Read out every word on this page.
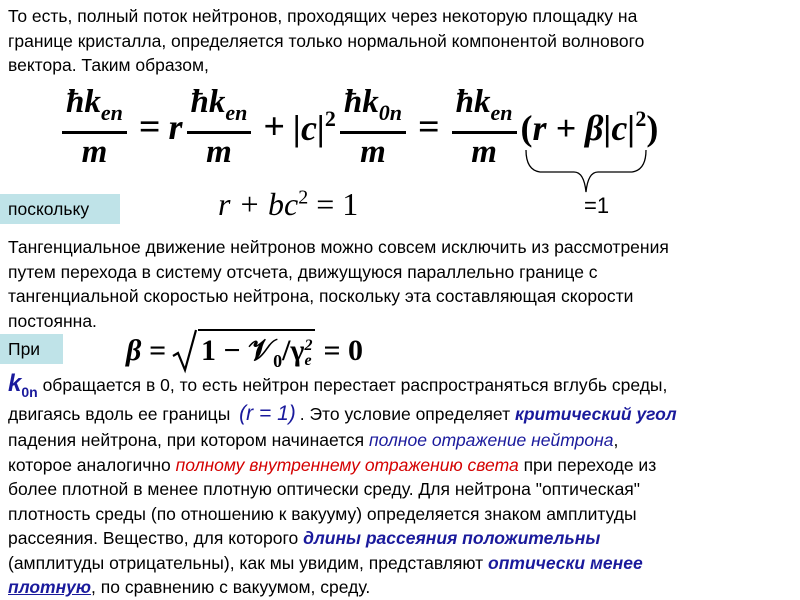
То есть, полный поток нейтронов, проходящих через некоторую площадку на

границе кристалла, определяется только нормальной компонентой волнового

вектора. Таким образом,

$\frac{ħk_{en}}{m} = r \frac{ħk_{en}}{m} + |c|^2 \frac{ħk_{0n}}{m} = \frac{ħk_{en}}{m} (r + \beta|c|^2)$
=1
поскольку	$r + bc^2 = 1$

Тангенциальное движение нейтронов можно совсем исключить из рассмотрения

путем перехода в систему отсчета, движущуюся параллельно границе с

тангенциальной скоростью нейтрона, поскольку эта составляющая скорости

постоянна.

При	β = 1 − 𝒱$_0$/γ 2
e = 0

$k_{0n}$ обращается в 0, то есть нейтрон перестает распространяться вглубь среды,

двигаясь вдоль ее границы (r = 1) . Это условие определяет критический угол

падения нейтрона, при котором начинается полное отражение нейтрона,

которое аналогично полному внутреннему отражению света при переходе из

более плотной в менее плотную оптически среду. Для нейтрона "оптическая"

плотность среды (по отношению к вакууму) определяется знаком амплитуды

рассеяния. Вещество, для которого длины рассеяния положительны

(амплитуды отрицательны), как мы увидим, представляют оптически менее

плотную, по сравнению с вакуумом, среду.
